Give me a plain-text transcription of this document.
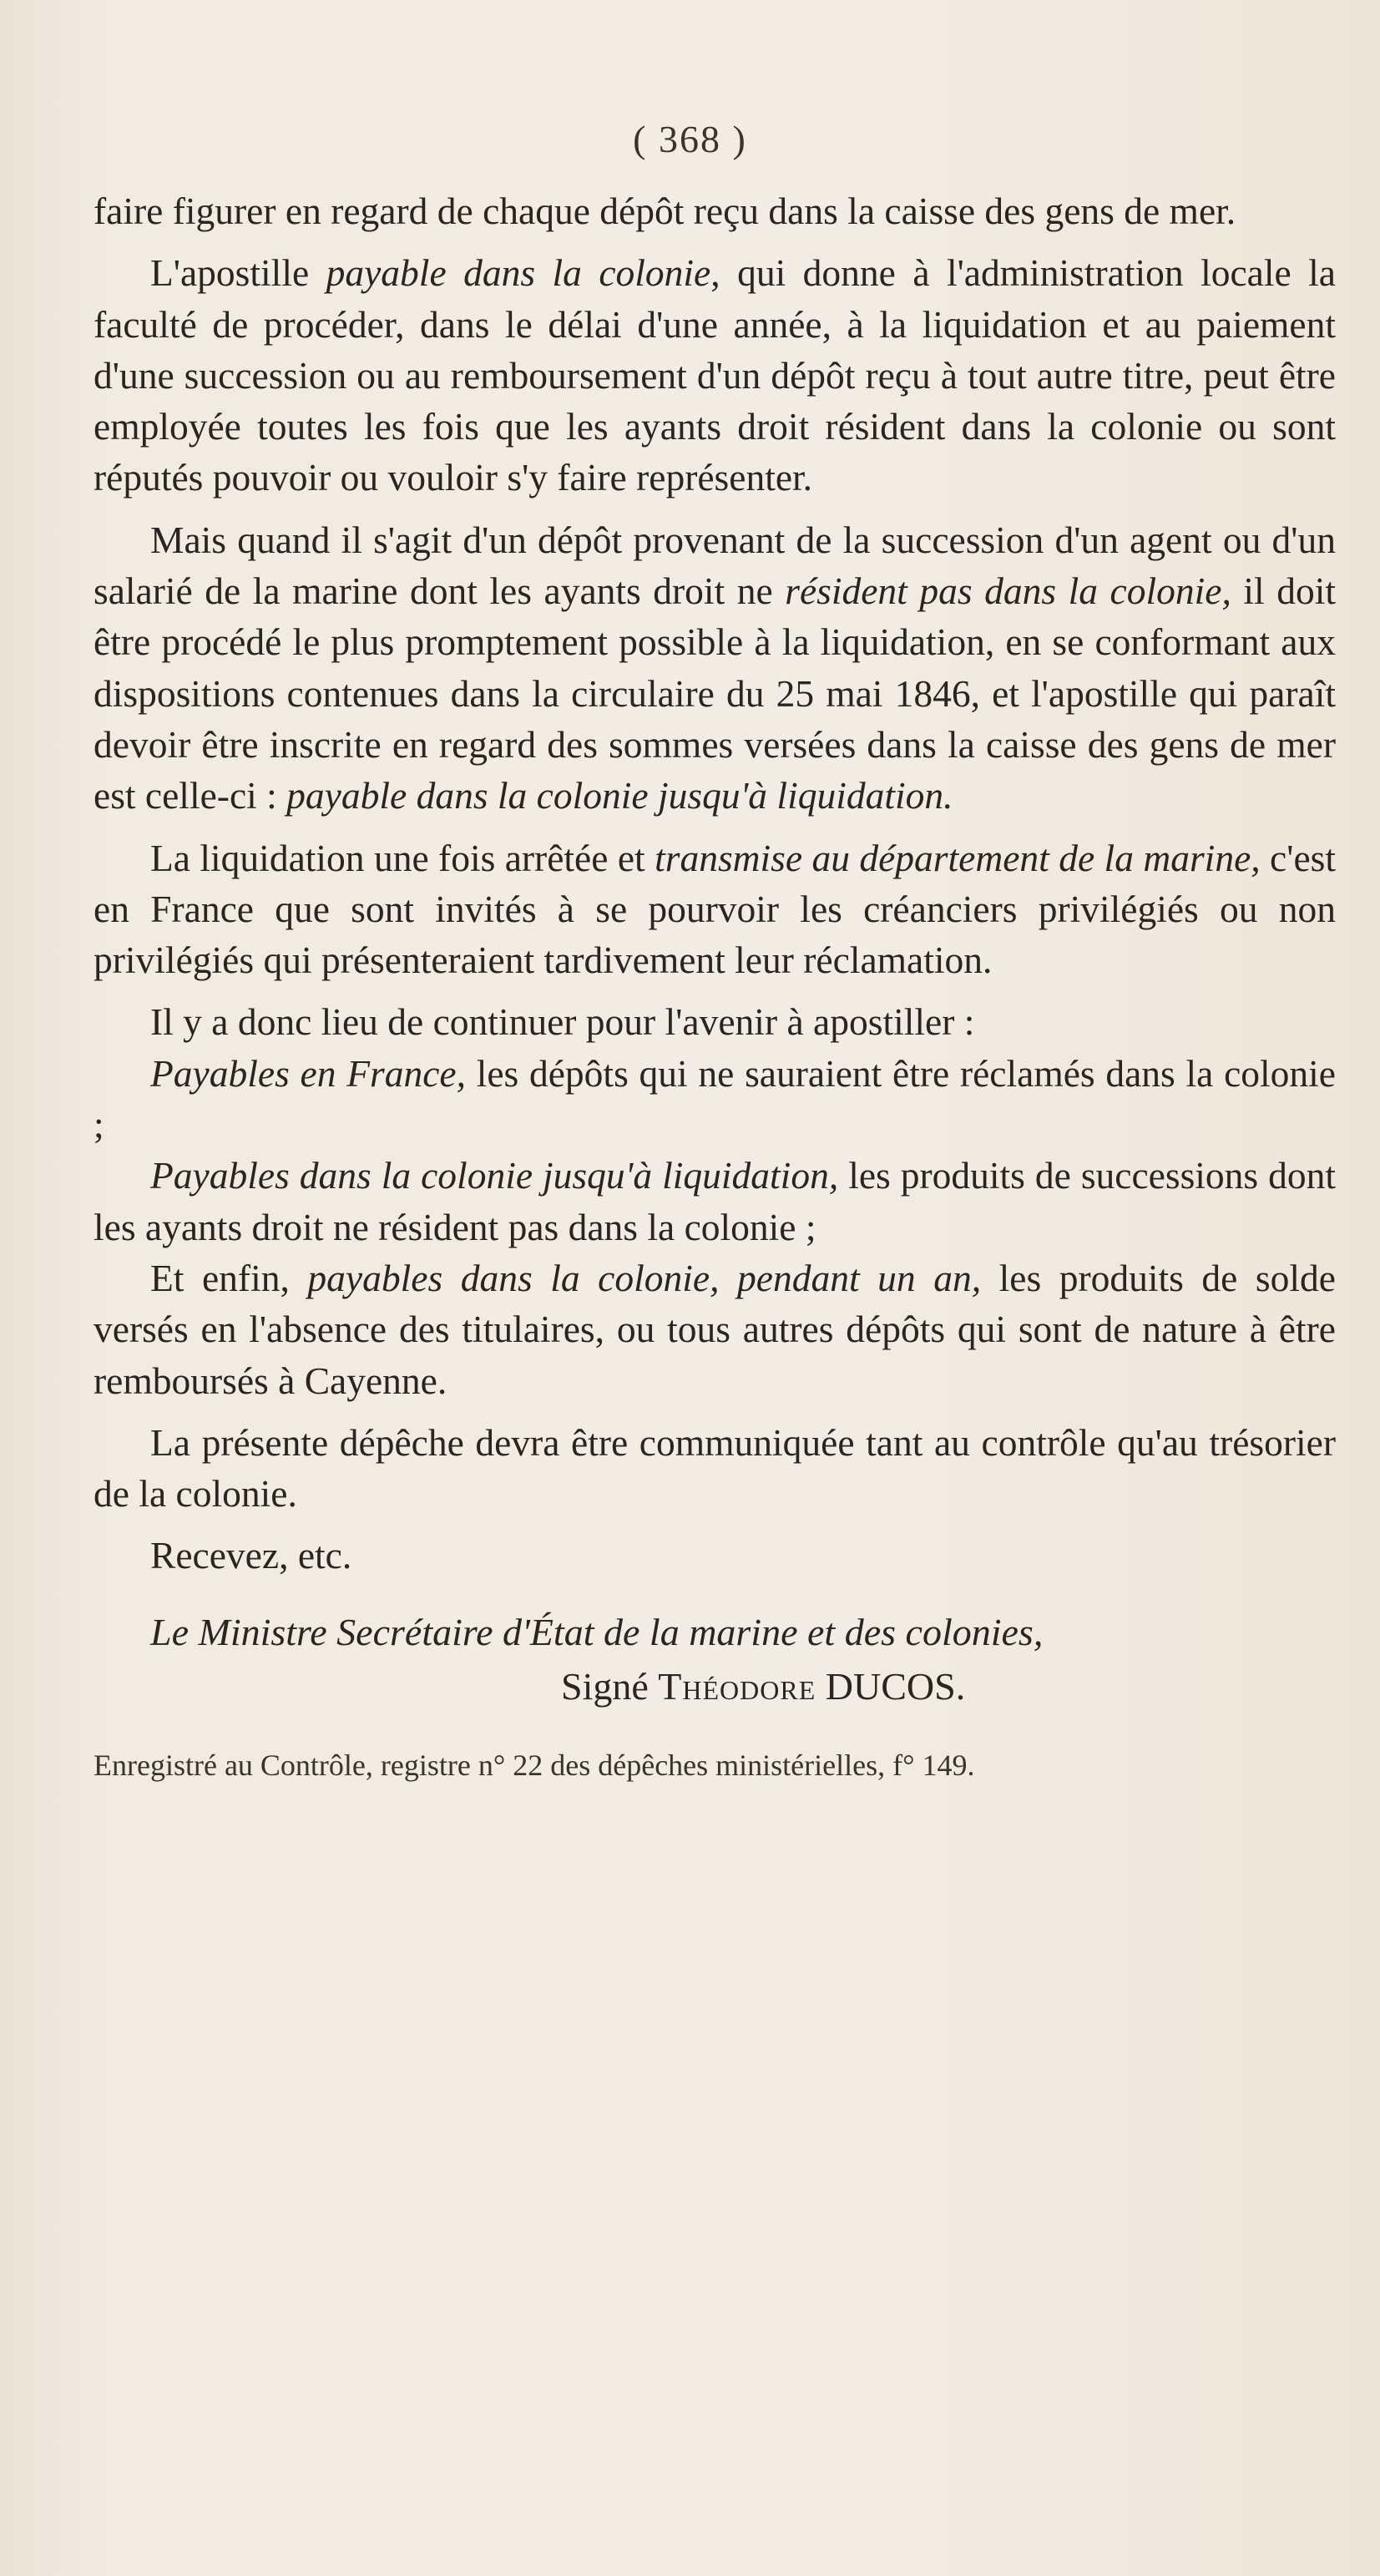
( 368 )

faire figurer en regard de chaque dépôt reçu dans la caisse des gens de mer.

L'apostille payable dans la colonie, qui donne à l'administration locale la faculté de procéder, dans le délai d'une année, à la liquidation et au paiement d'une succession ou au remboursement d'un dépôt reçu à tout autre titre, peut être employée toutes les fois que les ayants droit résident dans la colonie ou sont réputés pouvoir ou vouloir s'y faire représenter.

Mais quand il s'agit d'un dépôt provenant de la succession d'un agent ou d'un salarié de la marine dont les ayants droit ne résident pas dans la colonie, il doit être procédé le plus promptement possible à la liquidation, en se conformant aux dispositions contenues dans la circulaire du 25 mai 1846, et l'apostille qui paraît devoir être inscrite en regard des sommes versées dans la caisse des gens de mer est celle-ci : payable dans la colonie jusqu'à liquidation.

La liquidation une fois arrêtée et transmise au département de la marine, c'est en France que sont invités à se pourvoir les créanciers privilégiés ou non privilégiés qui présenteraient tardivement leur réclamation.

Il y a donc lieu de continuer pour l'avenir à apostiller :

Payables en France, les dépôts qui ne sauraient être réclamés dans la colonie ;

Payables dans la colonie jusqu'à liquidation, les produits de successions dont les ayants droit ne résident pas dans la colonie ;

Et enfin, payables dans la colonie, pendant un an, les produits de solde versés en l'absence des titulaires, ou tous autres dépôts qui sont de nature à être remboursés à Cayenne.

La présente dépêche devra être communiquée tant au contrôle qu'au trésorier de la colonie.

Recevez, etc.

Le Ministre Secrétaire d'État de la marine et des colonies,

Signé Théodore DUCOS.

Enregistré au Contrôle, registre n° 22 des dépêches ministérielles, f° 149.
